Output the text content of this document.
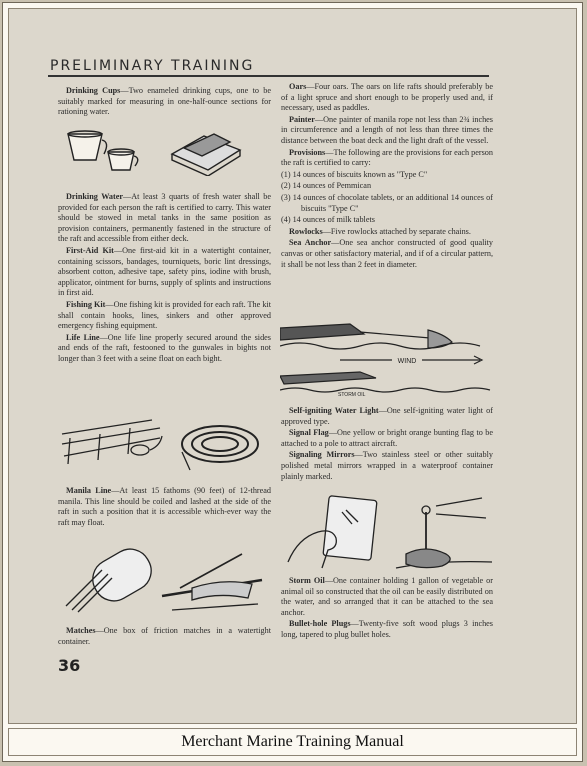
PRELIMINARY TRAINING
WIND
STORM OIL

Drinking Cups—Two enameled drinking cups, one to be suitably marked for measuring in one-half-ounce sections for rationing water.

Drinking Water—At least 3 quarts of fresh water shall be provided for each person the raft is certified to carry. This water should be stowed in metal tanks in the same position as provision containers, permanently fastened in the structure of the raft and accessible from either deck.

First-Aid Kit—One first-aid kit in a watertight container, containing scissors, bandages, tourniquets, boric lint dressings, absorbent cotton, adhesive tape, safety pins, iodine with brush, applicator, ointment for burns, supply of splints and instructions in first aid.

Fishing Kit—One fishing kit is provided for each raft. The kit shall contain hooks, lines, sinkers and other approved emergency fishing equipment.

Life Line—One life line properly secured around the sides and ends of the raft, festooned to the gunwales in bights not longer than 3 feet with a seine float on each bight.

Manila Line—At least 15 fathoms (90 feet) of 12-thread manila. This line should be coiled and lashed at the side of the raft in such a position that it is accessible which-ever way the raft may float.

Matches—One box of friction matches in a watertight container.

36

Oars—Four oars. The oars on life rafts should preferably be of a light spruce and short enough to be properly used and, if necessary, used as paddles.

Painter—One painter of manila rope not less than 2¾ inches in circumference and a length of not less than three times the distance between the boat deck and the light draft of the vessel.

Provisions—The following are the provisions for each person the raft is certified to carry:

(1) 14 ounces of biscuits known as "Type C"

(2) 14 ounces of Pemmican

(3) 14 ounces of chocolate tablets, or an additional 14 ounces of biscuits "Type C"

(4) 14 ounces of milk tablets

Rowlocks—Five rowlocks attached by separate chains.

Sea Anchor—One sea anchor constructed of good quality canvas or other satisfactory material, and if of a circular pattern, it shall be not less than 2 feet in diameter.

Self-igniting Water Light—One self-igniting water light of approved type.

Signal Flag—One yellow or bright orange bunting flag to be attached to a pole to attract aircraft.

Signaling Mirrors—Two stainless steel or other suitably polished metal mirrors wrapped in a waterproof container plainly marked.

Storm Oil—One container holding 1 gallon of vegetable or animal oil so constructed that the oil can be easily distributed on the water, and so arranged that it can be attached to the sea anchor.

Bullet-hole Plugs—Twenty-five soft wood plugs 3 inches long, tapered to plug bullet holes.

Merchant Marine Training Manual
